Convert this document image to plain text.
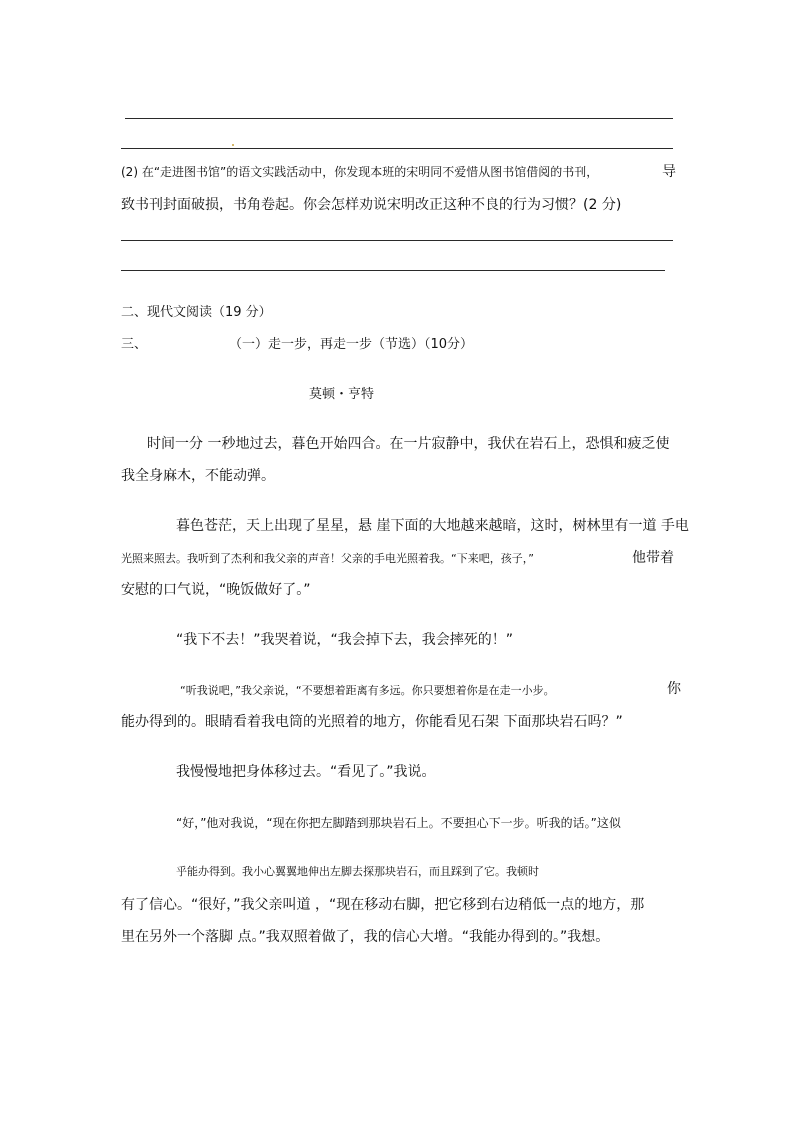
(2) 在“走进图书馆”的语文实践活动中，你发现本班的宋明同不爱惜从图书馆借阅的书刊，	导
致书刊封面破损，书角卷起。你会怎样劝说宋明改正这种不良的行为习惯？(2 分)
二、现代文阅读（19 分）
三、	（一）走一步，再走一步（节选）（10分）
莫顿・亨特
时间一分 一秒地过去，暮色开始四合。在一片寂静中，我伏在岩石上，恐惧和疲乏使
我全身麻木，不能动弹。
暮色苍茫，天上出现了星星，悬 崖下面的大地越来越暗，这时，树林里有一道 手电
光照来照去。我听到了杰利和我父亲的声音！父亲的手电光照着我。“下来吧，孩子，”	他带着
安慰的口气说，“晚饭做好了。”
“我下不去！”我哭着说，“我会掉下去，我会摔死的！”
“听我说吧，”我父亲说，“不要想着距离有多远。你只要想着你是在走一小步。	你
能办得到的。眼睛看着我电筒的光照着的地方，你能看见石架 下面那块岩石吗？”
我慢慢地把身体移过去。“看见了。”我说。
“好，”他对我说，“现在你把左脚踏到那块岩石上。不要担心下一步。听我的话。”这似
乎能办得到。我小心翼翼地伸出左脚去探那块岩石，而且踩到了它。我顿时
有了信心。“很好，”我父亲叫道 ，“现在移动右脚，把它移到右边稍低一点的地方，那
里在另外一个落脚 点。”我双照着做了，我的信心大增。“我能办得到的。”我想。
